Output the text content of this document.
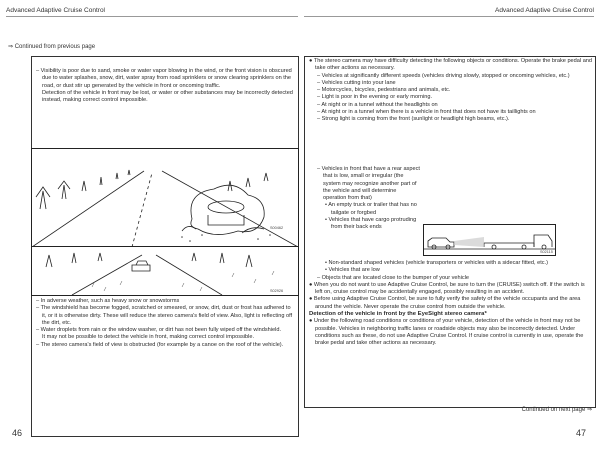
Advanced Adaptive Cruise Control	Advanced Adaptive Cruise Control
⇒ Continued from previous page

– Visibility is poor due to sand, smoke or water vapor blowing in the wind, or the front vision is obscured due to water splashes, snow, dirt, water spray from road sprinklers or snow clearing sprinklers on the road, or dust stir up generated by the vehicle in front or oncoming traffic.

Detection of the vehicle in front may be lost, or water or other substances may be incorrectly detected instead, making correct control impossible.

S00462
S02926

– In adverse weather, such as heavy snow or snowstorms

– The windshield has become fogged, scratched or smeared, or snow, dirt, dust or frost has adhered to it, or it is otherwise dirty. These will reduce the stereo camera's field of view. Also, light is reflecting off the dirt, etc.

– Water droplets from rain or the window washer, or dirt has not been fully wiped off the windshield.

It may not be possible to detect the vehicle in front, making correct control impossible.

– The stereo camera's field of view is obstructed (for example by a canoe on the roof of the vehicle).

● The stereo camera may have difficulty detecting the following objects or conditions. Operate the brake pedal and take other actions as necessary.

– Vehicles at significantly different speeds (vehicles driving slowly, stopped or oncoming vehicles, etc.)

– Vehicles cutting into your lane

– Motorcycles, bicycles, pedestrians and animals, etc.

– Light is poor in the evening or early morning.

– At night or in a tunnel without the headlights on

– At night or in a tunnel when there is a vehicle in front that does not have its taillights on

– Strong light is coming from the front (sunlight or headlight high beams, etc.).

– Vehicles in front that have a rear aspect that is low, small or irregular (the system may recognize another part of the vehicle and will determine operation from that)

• An empty truck or trailer that has no tailgate or forgbed

• Vehicles that have cargo protruding from their back ends

S02115

• Non-standard shaped vehicles (vehicle transporters or vehicles with a sidecar fitted, etc.)

• Vehicles that are low

– Objects that are located close to the bumper of your vehicle

● When you do not want to use Adaptive Cruise Control, be sure to turn the (CRUISE) switch off. If the switch is left on, cruise control may be accidentally engaged, possibly resulting in an accident.

● Before using Adaptive Cruise Control, be sure to fully verify the safety of the vehicle occupants and the area around the vehicle. Never operate the cruise control from outside the vehicle.

Detection of the vehicle in front by the EyeSight stereo camera*

● Under the following road conditions or conditions of your vehicle, detection of the vehicle in front may not be possible. Vehicles in neighboring traffic lanes or roadside objects may also be incorrectly detected. Under conditions such as these, do not use Adaptive Cruise Control. If cruise control is currently in use, operate the brake pedal and take other actions as necessary.

Continued on next page ⇒
46	47
